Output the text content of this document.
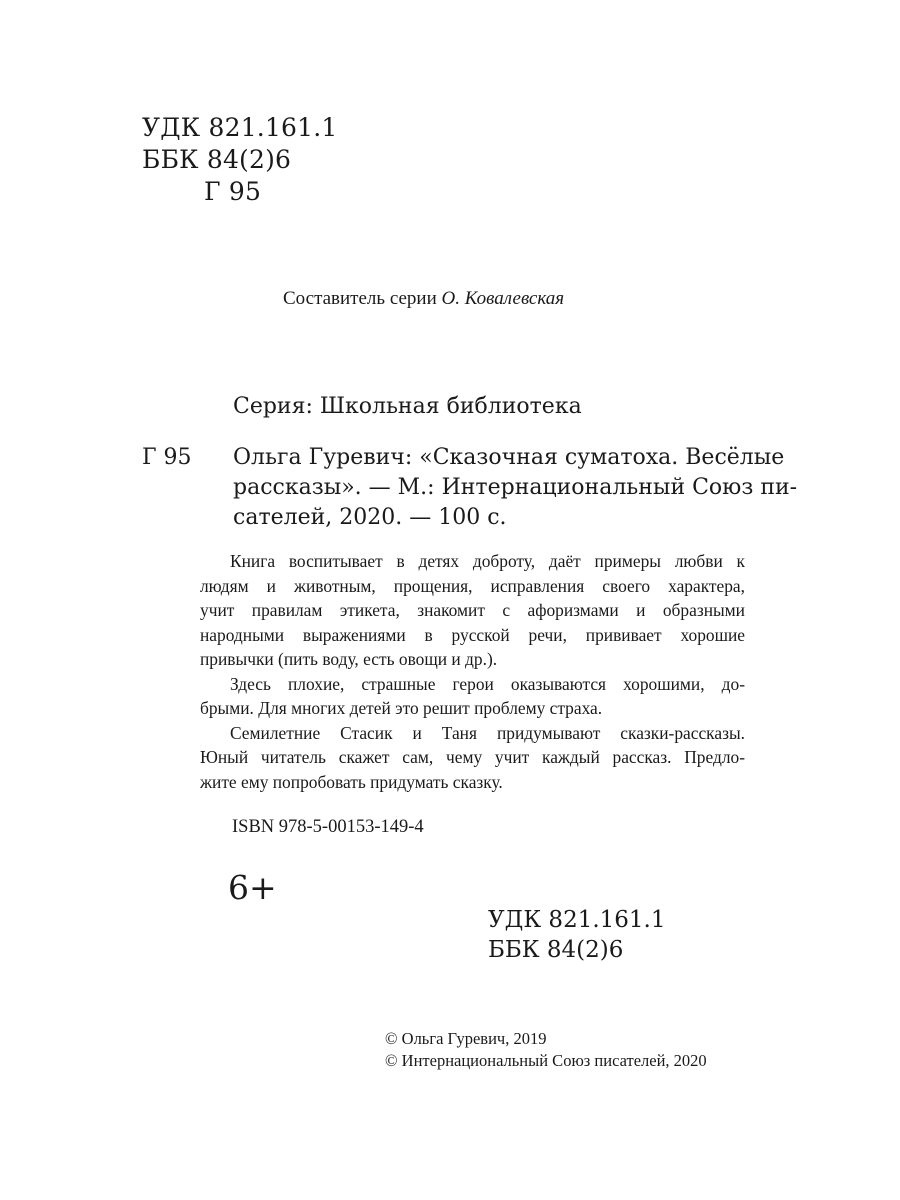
УДК 821.161.1
ББК 84(2)6
Г 95

Составитель серии О. Ковалевская

Серия: Школьная библиотека

Г 95 Ольга Гуревич: «Сказочная суматоха. Весёлые
рассказы». — М.: Интернациональный Союз пи-
сателей, 2020. — 100 с.
Книга воспитывает в детях доброту, даёт примеры любви к
людям и животным, прощения, исправления своего характера,
учит правилам этикета, знакомит с афоризмами и образными
народными выражениями в русской речи, прививает хорошие
привычки (пить воду, есть овощи и др.).
Здесь плохие, страшные герои оказываются хорошими, до-
брыми. Для многих детей это решит проблему страха.
Семилетние Стасик и Таня придумывают сказки-рассказы.
Юный читатель скажет сам, чему учит каждый рассказ. Предло-
жите ему попробовать придумать сказку.

ISBN 978-5-00153-149-4

6+

УДК 821.161.1
ББК 84(2)6
© Ольга Гуревич, 2019
© Интернациональный Союз писателей, 2020
